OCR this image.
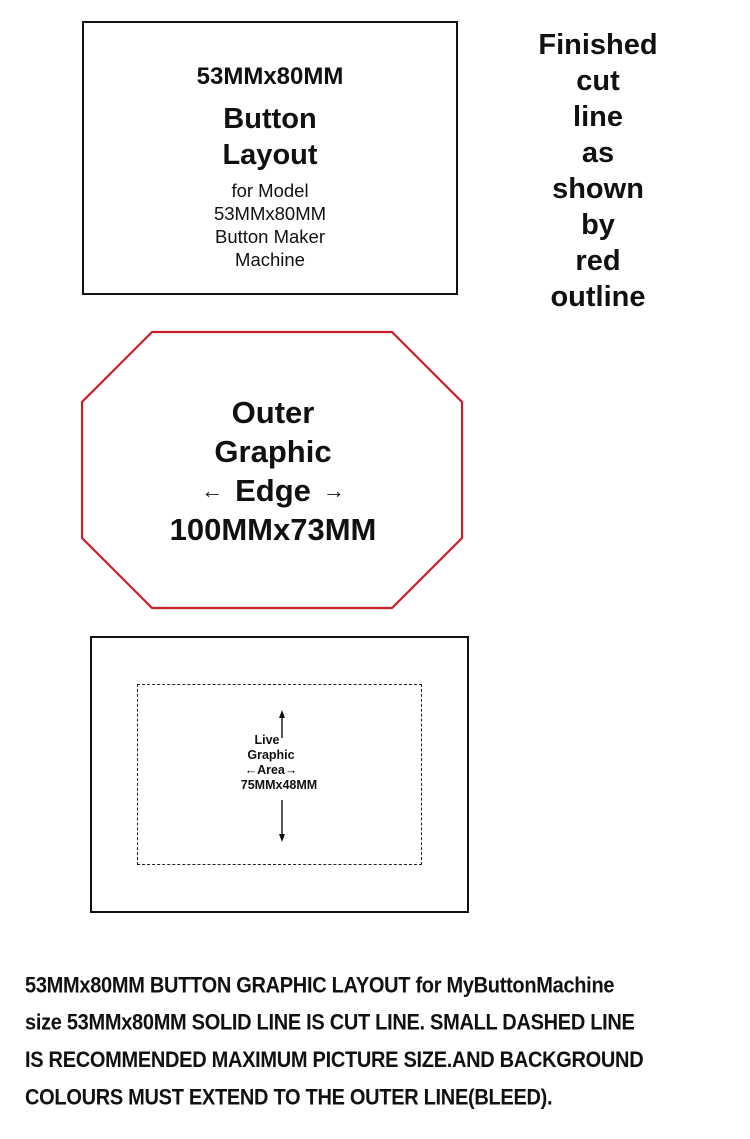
53MMx80MM
Button
Layout
for Model
53MMx80MM
Button Maker
Machine
Finished
cut
line
as
shown
by
red
outline
Outer
Graphic
← Edge →
100MMx73MM
Live
Graphic
←Area→
75MMx48MM
53MMx80MM BUTTON GRAPHIC LAYOUT for MyButtonMachine
size 53MMx80MM SOLID LINE IS CUT LINE. SMALL DASHED LINE
IS RECOMMENDED MAXIMUM PICTURE SIZE.AND BACKGROUND
COLOURS MUST EXTEND TO THE OUTER LINE(BLEED).
